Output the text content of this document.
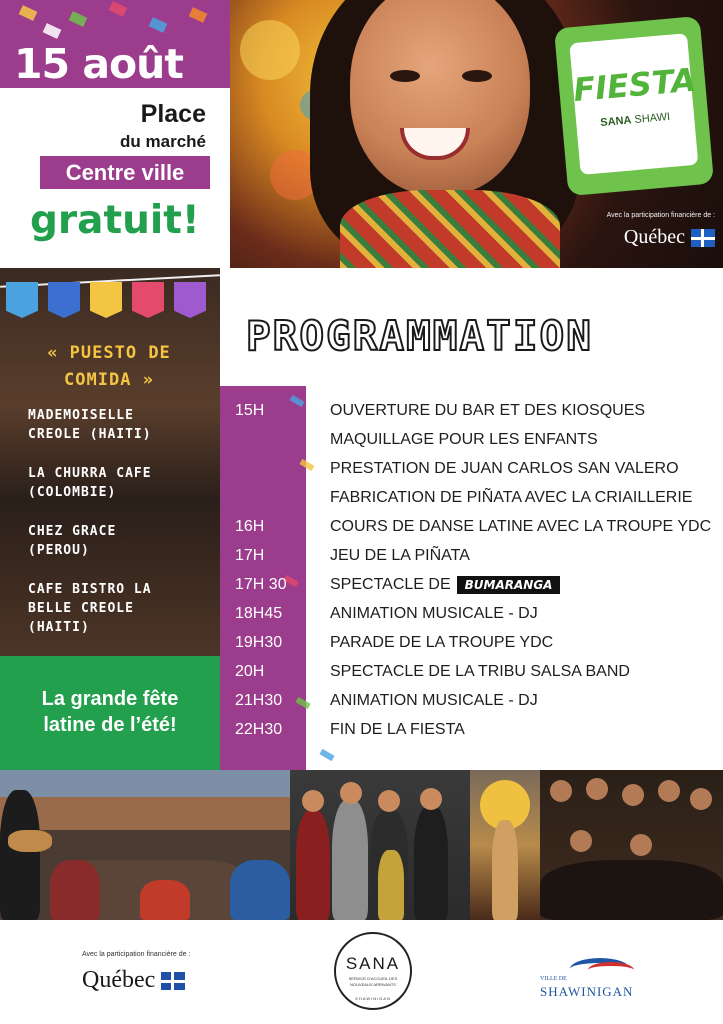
15 août
Place
du marché
Centre ville
gratuit!
FIESTA
SANA SHAWI
Avec la participation financière de :
Québec
« PUESTO DE
COMIDA »
MADEMOISELLE
CREOLE (HAITI)
LA CHURRA CAFE
(COLOMBIE)
CHEZ GRACE
(PEROU)
CAFE BISTRO LA
BELLE CREOLE
(HAITI)
PROGRAMMATION
15H	OUVERTURE DU BAR ET DES KIOSQUES
MAQUILLAGE POUR LES ENFANTS
PRESTATION DE JUAN CARLOS SAN VALERO
FABRICATION DE PIÑATA AVEC LA CRIAILLERIE
16H	COURS DE DANSE LATINE AVEC LA TROUPE YDC
17H	JEU DE LA PIÑATA
17H 30	SPECTACLE DE BUMARANGA
18H45	ANIMATION MUSICALE - DJ
19H30	PARADE DE LA TROUPE YDC
20H	SPECTACLE DE LA TRIBU SALSA BAND
21H30	ANIMATION MUSICALE - DJ
22H30	FIN DE LA FIESTA
La grande fête
latine de l’été!
Avec la participation financière de :
Québec
SANA
SERVICE D'ACCUEIL DES NOUVEAUX ARRIVANTS
SHAWINIGAN
VILLE DE
SHAWINIGAN
